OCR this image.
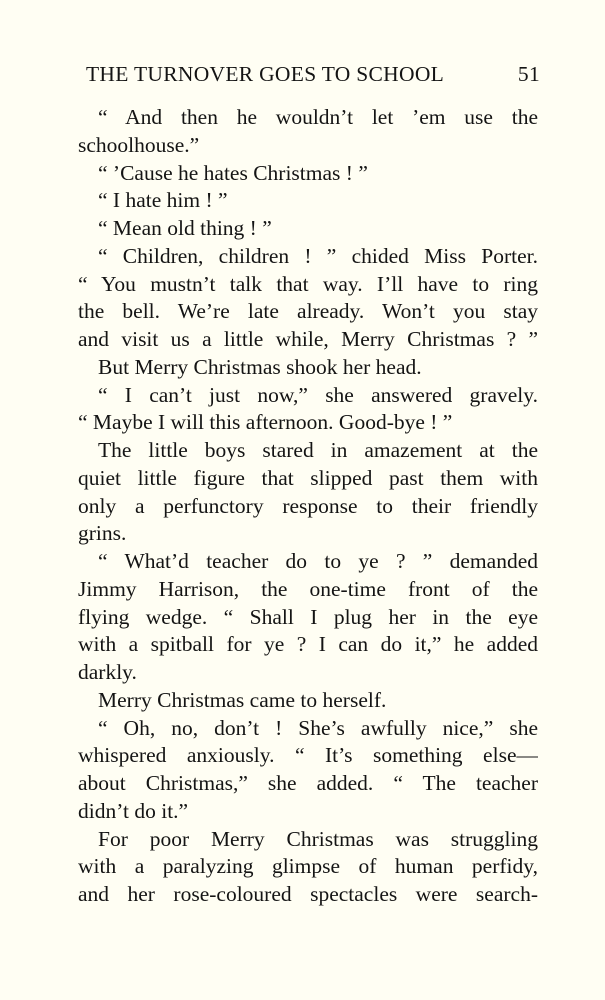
THE TURNOVER GOES TO SCHOOL	51
“ And then he wouldn’t let ’em use the
schoolhouse.”
“ ’Cause he hates Christmas ! ”
“ I hate him ! ”
“ Mean old thing ! ”
“ Children, children ! ” chided Miss Porter.
“ You mustn’t talk that way. I’ll have to ring
the bell. We’re late already. Won’t you stay
and visit us a little while, Merry Christmas ? ”
But Merry Christmas shook her head.
“ I can’t just now,” she answered gravely.
“ Maybe I will this afternoon. Good-bye ! ”
The little boys stared in amazement at the
quiet little figure that slipped past them with
only a perfunctory response to their friendly
grins.
“ What’d teacher do to ye ? ” demanded
Jimmy Harrison, the one-time front of the
flying wedge. “ Shall I plug her in the eye
with a spitball for ye ? I can do it,” he added
darkly.
Merry Christmas came to herself.
“ Oh, no, don’t ! She’s awfully nice,” she
whispered anxiously. “ It’s something else—
about Christmas,” she added. “ The teacher
didn’t do it.”
For poor Merry Christmas was struggling
with a paralyzing glimpse of human perfidy,
and her rose-coloured spectacles were search-
